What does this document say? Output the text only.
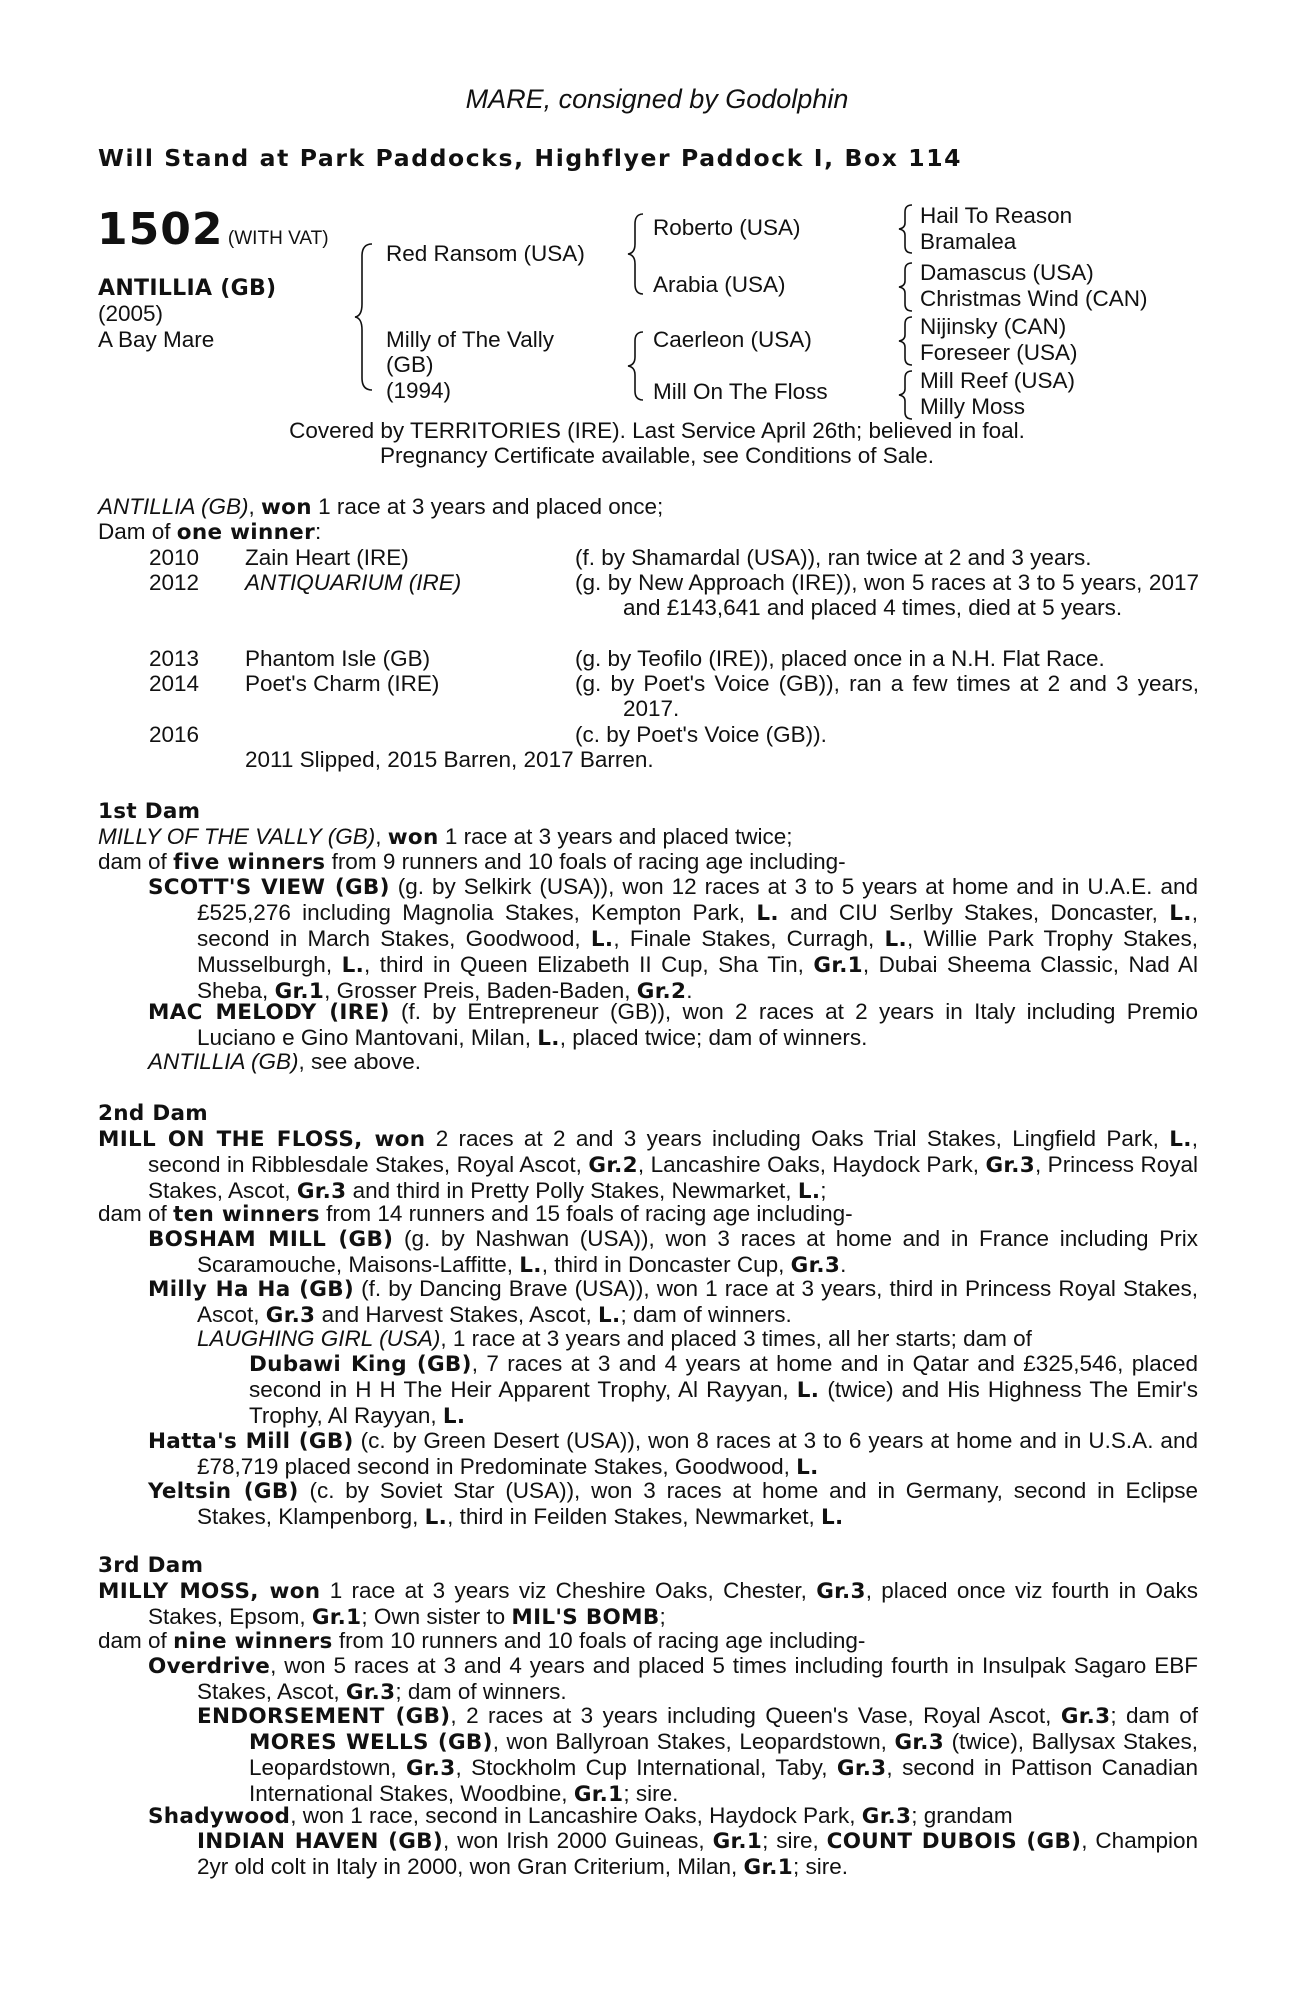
MARE, consigned by Godolphin
Will Stand at Park Paddocks, Highflyer Paddock I, Box 114
1502 (WITH VAT)
ANTILLIA (GB)
(2005)
A Bay Mare
Red Ransom (USA)
Milly of The Vally
(GB)
(1994)
Roberto (USA)
Arabia (USA)
Caerleon (USA)
Mill On The Floss
Hail To Reason
Bramalea
Damascus (USA)
Christmas Wind (CAN)
Nijinsky (CAN)
Foreseer (USA)
Mill Reef (USA)
Milly Moss
Covered by TERRITORIES (IRE). Last Service April 26th; believed in foal.
Pregnancy Certificate available, see Conditions of Sale.
ANTILLIA (GB), won 1 race at 3 years and placed once;
Dam of one winner:
2010 Zain Heart (IRE)	(f. by Shamardal (USA)), ran twice at 2 and 3 years.
2012 ANTIQUARIUM (IRE)	(g. by New Approach (IRE)), won 5 races at 3 to 5 years, 2017 and £143,641 and placed 4 times, died at 5 years.
2013 Phantom Isle (GB)	(g. by Teofilo (IRE)), placed once in a N.H. Flat Race.
2014 Poet's Charm (IRE)	(g. by Poet's Voice (GB)), ran a few times at 2 and 3 years, 2017.
2016	(c. by Poet's Voice (GB)).
2011 Slipped, 2015 Barren, 2017 Barren.
1st Dam
MILLY OF THE VALLY (GB), won 1 race at 3 years and placed twice;
dam of five winners from 9 runners and 10 foals of racing age including-
SCOTT'S VIEW (GB) (g. by Selkirk (USA)), won 12 races at 3 to 5 years at home and in U.A.E. and £525,276 including Magnolia Stakes, Kempton Park, L. and CIU Serlby Stakes, Doncaster, L., second in March Stakes, Goodwood, L., Finale Stakes, Curragh, L., Willie Park Trophy Stakes, Musselburgh, L., third in Queen Elizabeth II Cup, Sha Tin, Gr.1, Dubai Sheema Classic, Nad Al Sheba, Gr.1, Grosser Preis, Baden-Baden, Gr.2.
MAC MELODY (IRE) (f. by Entrepreneur (GB)), won 2 races at 2 years in Italy including Premio Luciano e Gino Mantovani, Milan, L., placed twice; dam of winners.
ANTILLIA (GB), see above.
2nd Dam
MILL ON THE FLOSS, won 2 races at 2 and 3 years including Oaks Trial Stakes, Lingfield Park, L., second in Ribblesdale Stakes, Royal Ascot, Gr.2, Lancashire Oaks, Haydock Park, Gr.3, Princess Royal Stakes, Ascot, Gr.3 and third in Pretty Polly Stakes, Newmarket, L.;
dam of ten winners from 14 runners and 15 foals of racing age including-
BOSHAM MILL (GB) (g. by Nashwan (USA)), won 3 races at home and in France including Prix Scaramouche, Maisons-Laffitte, L., third in Doncaster Cup, Gr.3.
Milly Ha Ha (GB) (f. by Dancing Brave (USA)), won 1 race at 3 years, third in Princess Royal Stakes, Ascot, Gr.3 and Harvest Stakes, Ascot, L.; dam of winners.
LAUGHING GIRL (USA), 1 race at 3 years and placed 3 times, all her starts; dam of
Dubawi King (GB), 7 races at 3 and 4 years at home and in Qatar and £325,546, placed second in H H The Heir Apparent Trophy, Al Rayyan, L. (twice) and His Highness The Emir's Trophy, Al Rayyan, L.
Hatta's Mill (GB) (c. by Green Desert (USA)), won 8 races at 3 to 6 years at home and in U.S.A. and £78,719 placed second in Predominate Stakes, Goodwood, L.
Yeltsin (GB) (c. by Soviet Star (USA)), won 3 races at home and in Germany, second in Eclipse Stakes, Klampenborg, L., third in Feilden Stakes, Newmarket, L.
3rd Dam
MILLY MOSS, won 1 race at 3 years viz Cheshire Oaks, Chester, Gr.3, placed once viz fourth in Oaks Stakes, Epsom, Gr.1; Own sister to MIL'S BOMB;
dam of nine winners from 10 runners and 10 foals of racing age including-
Overdrive, won 5 races at 3 and 4 years and placed 5 times including fourth in Insulpak Sagaro EBF Stakes, Ascot, Gr.3; dam of winners.
ENDORSEMENT (GB), 2 races at 3 years including Queen's Vase, Royal Ascot, Gr.3; dam of MORES WELLS (GB), won Ballyroan Stakes, Leopardstown, Gr.3 (twice), Ballysax Stakes, Leopardstown, Gr.3, Stockholm Cup International, Taby, Gr.3, second in Pattison Canadian International Stakes, Woodbine, Gr.1; sire.
Shadywood, won 1 race, second in Lancashire Oaks, Haydock Park, Gr.3; grandam
INDIAN HAVEN (GB), won Irish 2000 Guineas, Gr.1; sire, COUNT DUBOIS (GB), Champion 2yr old colt in Italy in 2000, won Gran Criterium, Milan, Gr.1; sire.
